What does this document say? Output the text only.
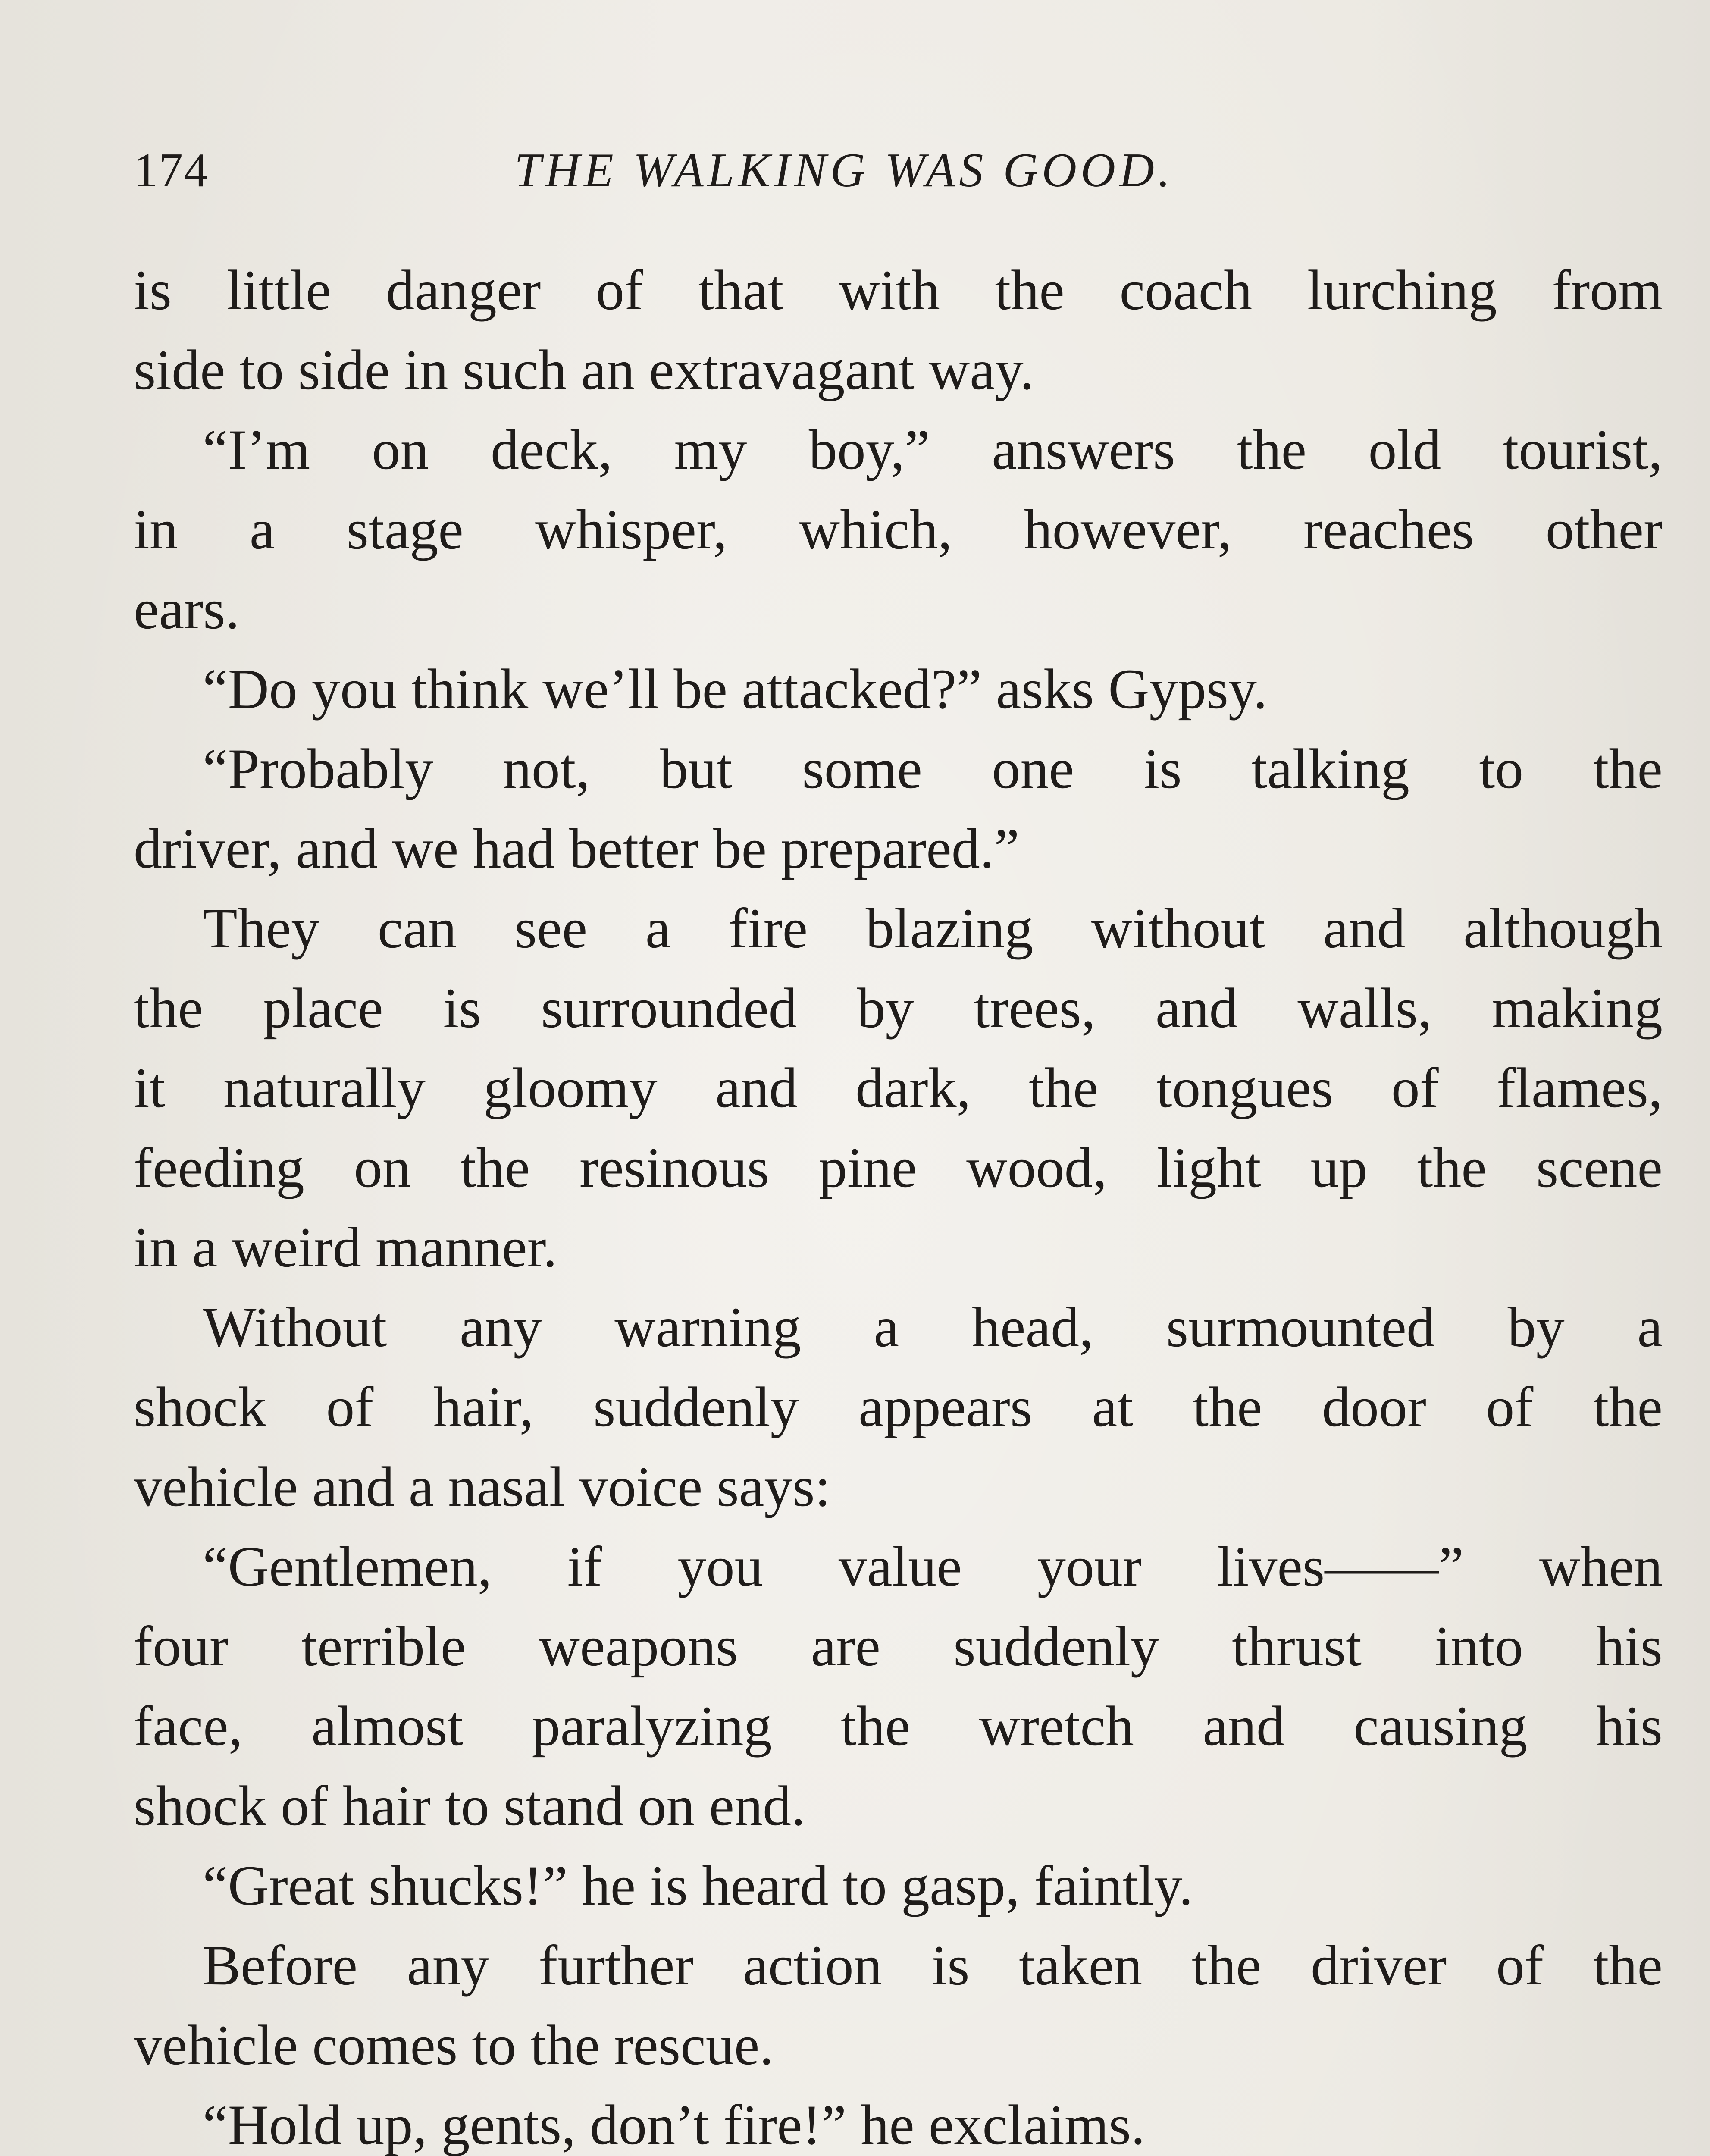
174	THE WALKING WAS GOOD.
is little danger of that with the coach lurching from
side to side in such an extravagant way.
“I’m on deck, my boy,” answers the old tourist,
in a stage whisper, which, however, reaches other
ears.
“Do you think we’ll be attacked?” asks Gypsy.
“Probably not, but some one is talking to the
driver, and we had better be prepared.”
They can see a fire blazing without and although
the place is surrounded by trees, and walls, making
it naturally gloomy and dark, the tongues of flames,
feeding on the resinous pine wood, light up the scene
in a weird manner.
Without any warning a head, surmounted by a
shock of hair, suddenly appears at the door of the
vehicle and a nasal voice says:
“Gentlemen, if you value your lives——” when
four terrible weapons are suddenly thrust into his
face, almost paralyzing the wretch and causing his
shock of hair to stand on end.
“Great shucks!” he is heard to gasp, faintly.
Before any further action is taken the driver of the
vehicle comes to the rescue.
“Hold up, gents, don’t fire!” he exclaims.
